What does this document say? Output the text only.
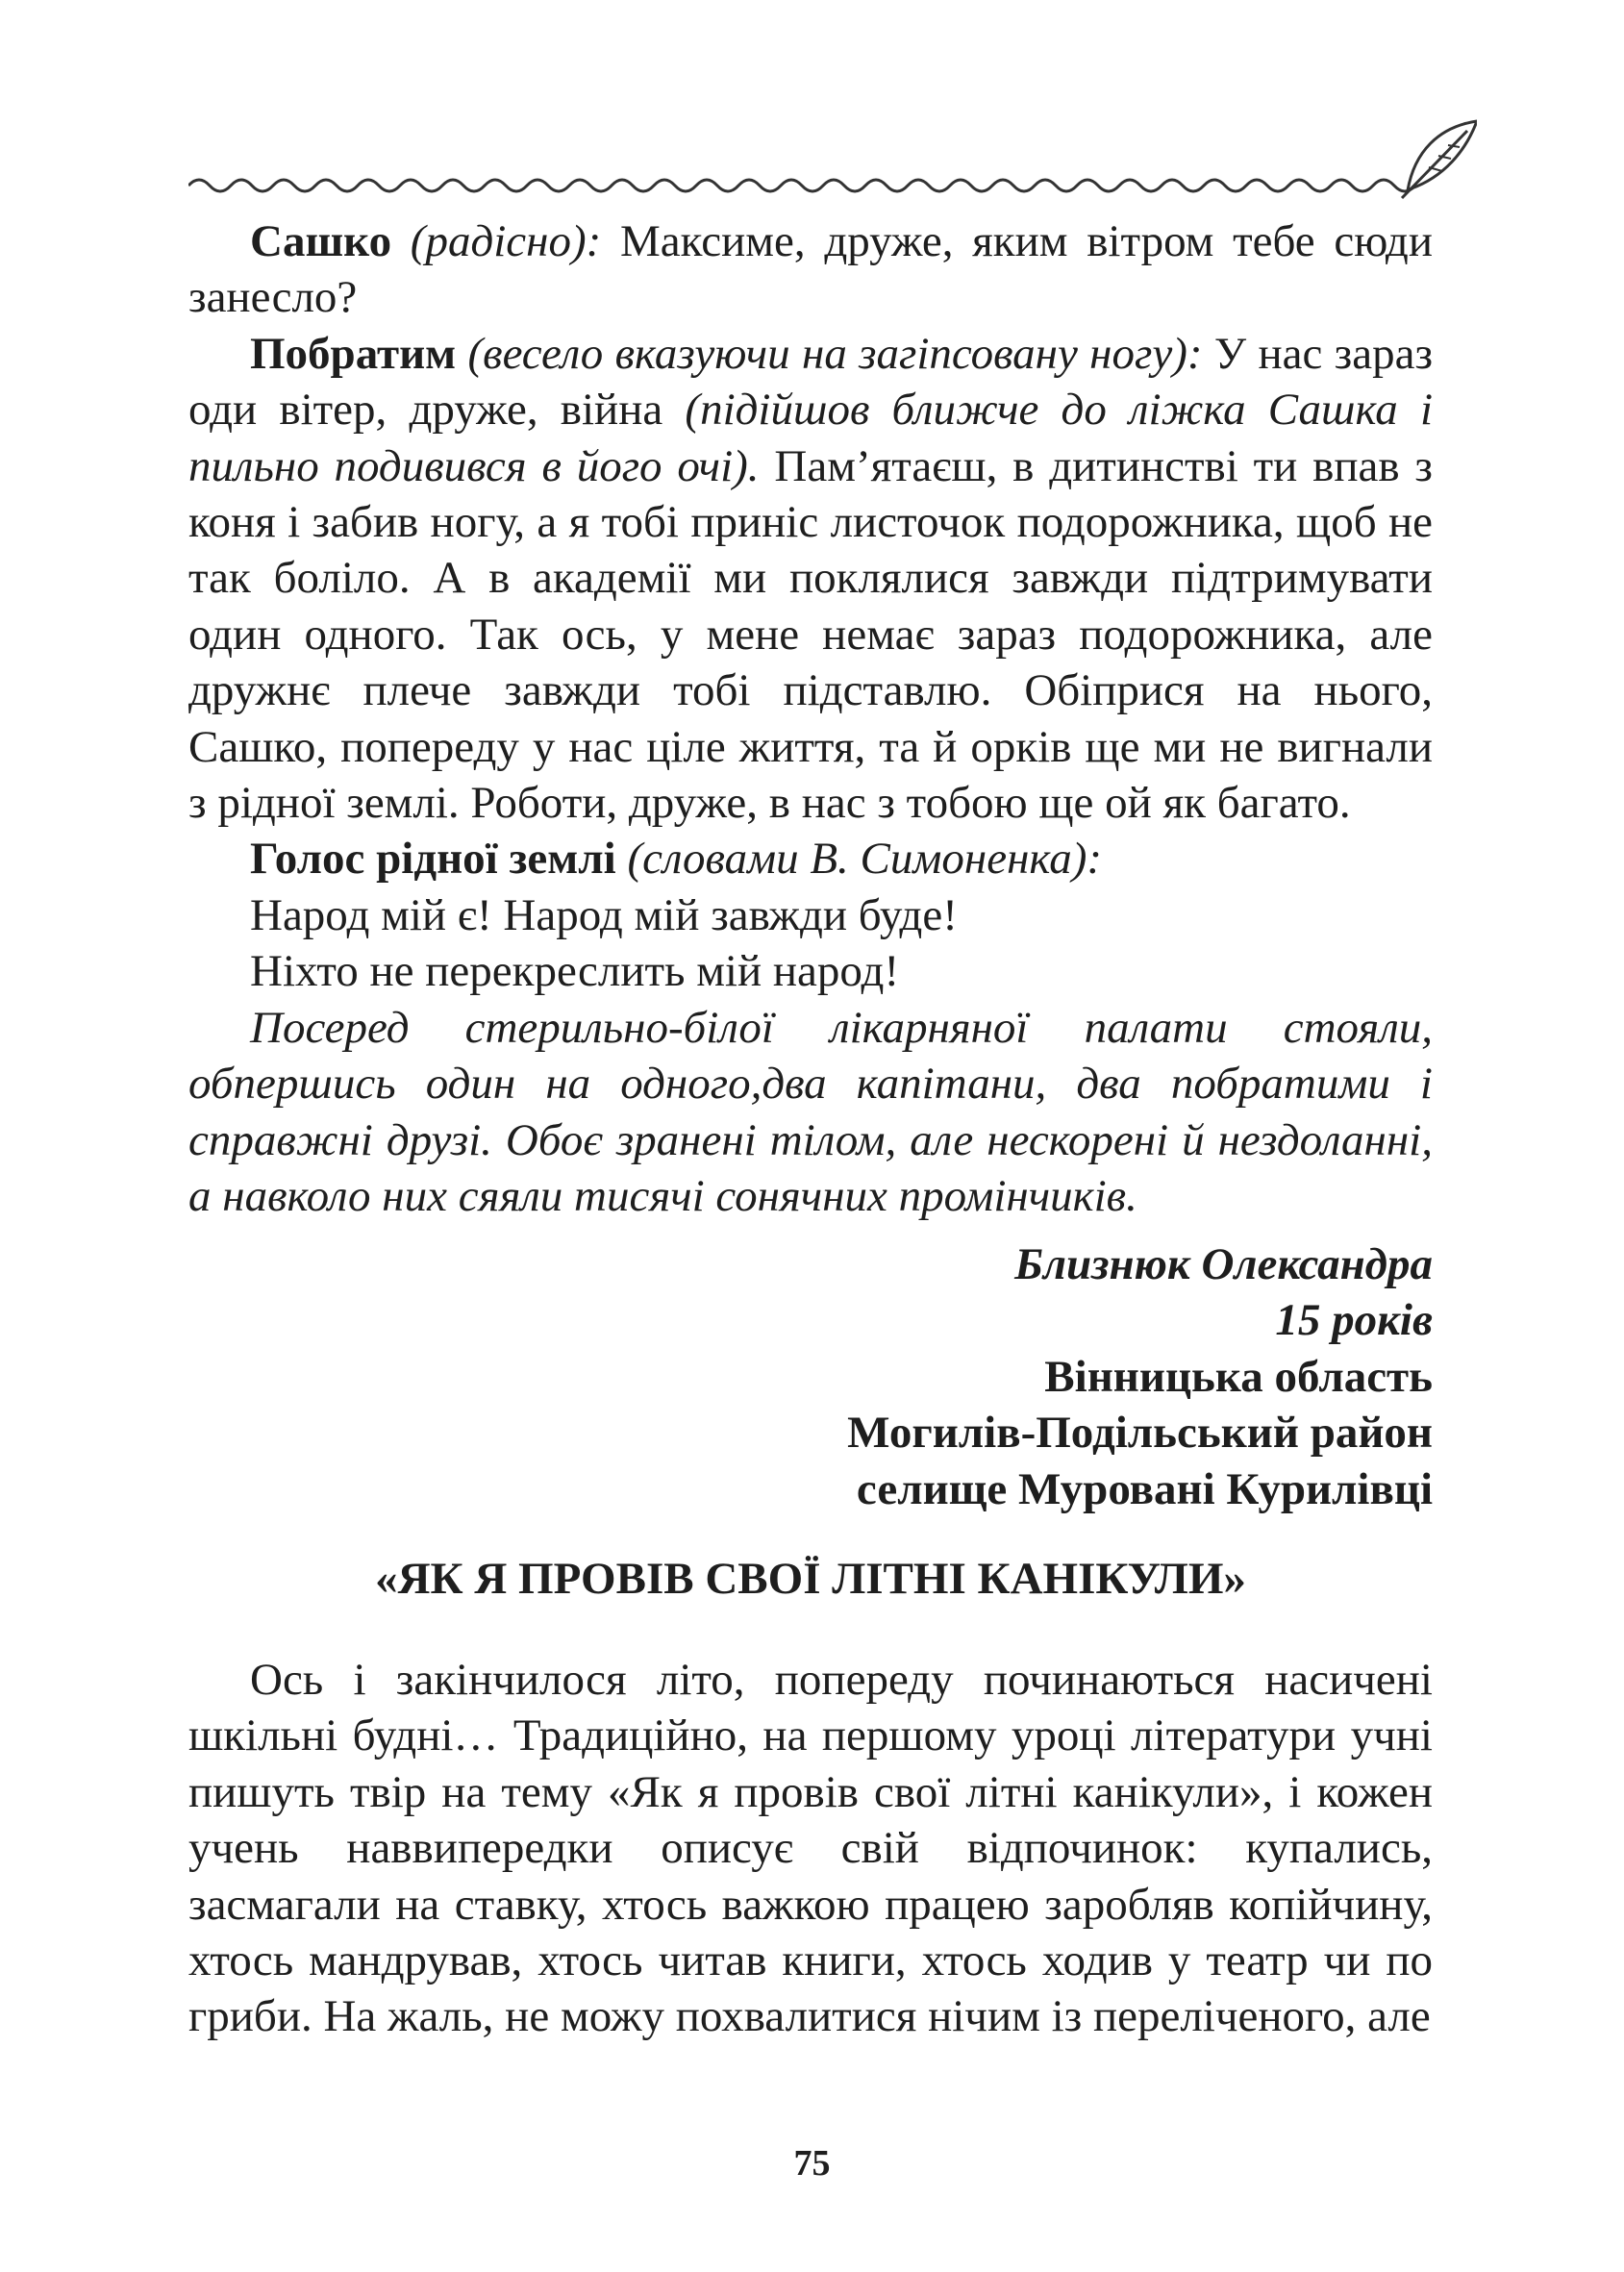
Сашко (радісно): Максиме, друже, яким вітром тебе сюди занесло?

Побратим (весело вказуючи на загіпсовану ногу): У нас зараз оди вітер, друже, війна (підійшов ближче до ліжка Сашка і пильно подивився в його очі). Пам’ятаєш, в дитинстві ти впав з коня і забив ногу, а я тобі приніс листочок подорожника, щоб не так боліло. А в академії ми поклялися завжди підтримувати один одного. Так ось, у мене немає зараз подорожника, але дружнє плече завжди тобі підставлю. Обіприся на нього, Сашко, попереду у нас ціле життя, та й орків ще ми не вигнали з рідної землі. Роботи, друже, в нас з тобою ще ой як багато.

Голос рідної землі (словами В. Симоненка):

Народ мій є! Народ мій завжди буде!

Ніхто не перекреслить мій народ!

Посеред стерильно-білої лікарняної палати стояли, обпершись один на одного,два капітани, два побратими і справжні друзі. Обоє зранені тілом, але нескорені й нездоланні, а навколо них сяяли тисячі сонячних промінчиків.

Близнюк Олександра
15 років
Вінницька область
Могилів-Подільський район
селище Муровані Курилівці
«ЯК Я ПРОВІВ СВОЇ ЛІТНІ КАНІКУЛИ»

Ось і закінчилося літо, попереду починаються насичені шкільні будні… Традиційно, на першому уроці літератури учні пишуть твір на тему «Як я провів свої літні канікули», і кожен учень наввипередки описує свій відпочинок: купались, засмагали на ставку, хтось важкою працею заробляв копійчину, хтось мандрував, хтось читав книги, хтось ходив у театр чи по гриби. На жаль, не можу похвалитися нічим із переліченого, але

75
